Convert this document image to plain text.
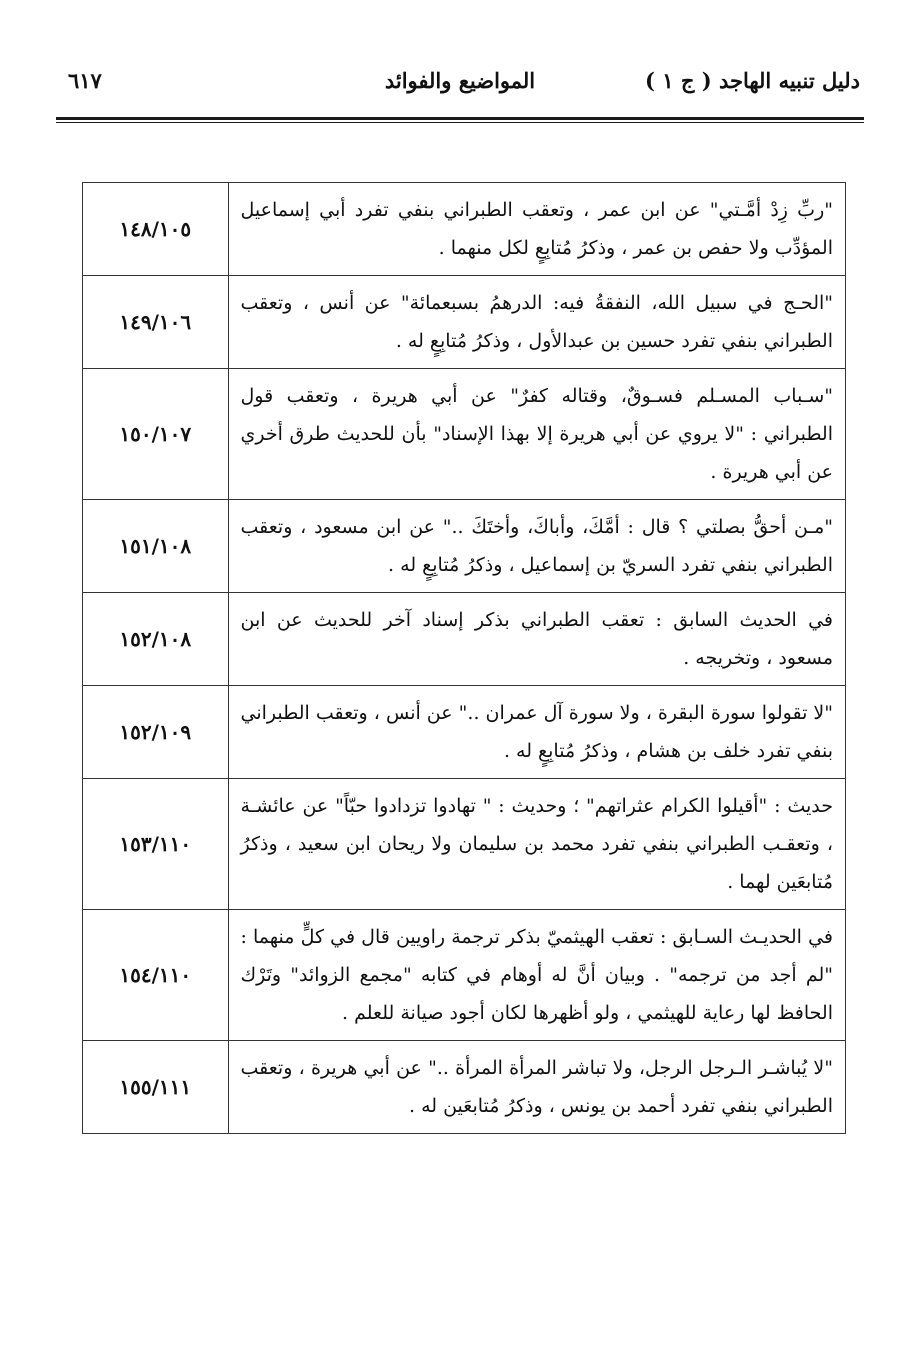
دليل تنبيه الهاجد ( ج ١ )
المواضيع والفوائد
٦١٧
"ربِّ زِدْ أمَّـتي" عن ابن عمر ، وتعقب الطبراني بنفي تفرد أبي إسماعيل المؤدِّب ولا حفص بن عمر ، وذكرُ مُتابِعٍ لكل منهما .	١٤٨/١٠٥
"الحـج في سبيل الله، النفقةُ فيه: الدرهمُ بسبعمائة" عن أنس ، وتعقب الطبراني بنفي تفرد حسين بن عبدالأول ، وذكرُ مُتابِعٍ له .	١٤٩/١٠٦
"سـباب المسـلم فسـوقٌ، وقتاله كفرٌ" عن أبي هريرة ، وتعقب قول الطبراني : "لا يروي عن أبي هريرة إلا بهذا الإسناد" بأن للحديث طرق أخري عن أبي هريرة .	١٥٠/١٠٧
"مـن أحقُّ بصلتي ؟ قال : أمَّكَ، وأباكَ، وأختَكَ .." عن ابن مسعود ، وتعقب الطبراني بنفي تفرد السريّ بن إسماعيل ، وذكرُ مُتابِعٍ له .	١٥١/١٠٨
في الحديث السابق : تعقب الطبراني بذكر إسناد آخر للحديث عن ابن مسعود ، وتخريجه .	١٥٢/١٠٨
"لا تقولوا سورة البقرة ، ولا سورة آل عمران .." عن أنس ، وتعقب الطبراني بنفي تفرد خلف بن هشام ، وذكرُ مُتابِعٍ له .	١٥٢/١٠٩
حديث : "أقيلوا الكرام عثراتهم" ؛ وحديث : " تهادوا تزدادوا حبّاً" عن عائشـة ، وتعقـب الطبراني بنفي تفرد محمد بن سليمان ولا ريحان ابن سعيد ، وذكرُ مُتابعَين لهما .	١٥٣/١١٠
في الحديـث السـابق : تعقب الهيثميّ بذكر ترجمة راويين قال في كلٍّ منهما : "لم أجد من ترجمه" . وبيان أنَّ له أوهام في كتابه "مجمع الزوائد" وتَرْك الحافظ لها رعاية للهيثمي ، ولو أظهرها لكان أجود صيانة للعلم .	١٥٤/١١٠
"لا يُباشـر الـرجل الرجل، ولا تباشر المرأة المرأة .." عن أبي هريرة ، وتعقب الطبراني بنفي تفرد أحمد بن يونس ، وذكرُ مُتابعَين له .	١٥٥/١١١
